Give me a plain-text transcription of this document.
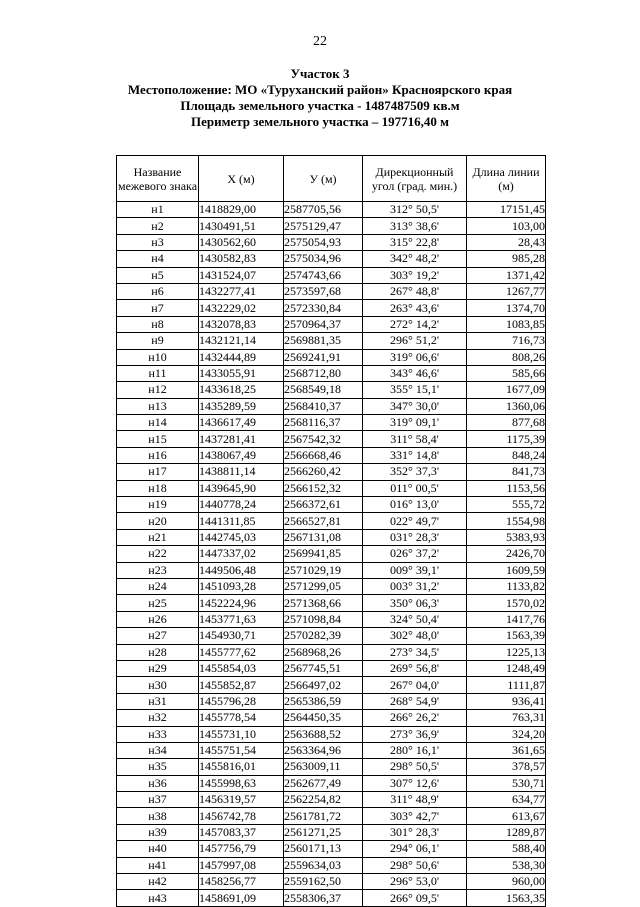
22
Участок 3
Местоположение: МО «Туруханский район» Красноярского края
Площадь земельного участка - 1487487509 кв.м
Периметр земельного участка – 197716,40 м
Название межевого знака	X (м)	У (м)	Дирекционный угол (град. мин.)	Длина линии (м)
н1	1418829,00	2587705,56	312° 50,5'	17151,45
н2	1430491,51	2575129,47	313° 38,6'	103,00
н3	1430562,60	2575054,93	315° 22,8'	28,43
н4	1430582,83	2575034,96	342° 48,2'	985,28
н5	1431524,07	2574743,66	303° 19,2'	1371,42
н6	1432277,41	2573597,68	267° 48,8'	1267,77
н7	1432229,02	2572330,84	263° 43,6'	1374,70
н8	1432078,83	2570964,37	272° 14,2'	1083,85
н9	1432121,14	2569881,35	296° 51,2'	716,73
н10	1432444,89	2569241,91	319° 06,6'	808,26
н11	1433055,91	2568712,80	343° 46,6'	585,66
н12	1433618,25	2568549,18	355° 15,1'	1677,09
н13	1435289,59	2568410,37	347° 30,0'	1360,06
н14	1436617,49	2568116,37	319° 09,1'	877,68
н15	1437281,41	2567542,32	311° 58,4'	1175,39
н16	1438067,49	2566668,46	331° 14,8'	848,24
н17	1438811,14	2566260,42	352° 37,3'	841,73
н18	1439645,90	2566152,32	011° 00,5'	1153,56
н19	1440778,24	2566372,61	016° 13,0'	555,72
н20	1441311,85	2566527,81	022° 49,7'	1554,98
н21	1442745,03	2567131,08	031° 28,3'	5383,93
н22	1447337,02	2569941,85	026° 37,2'	2426,70
н23	1449506,48	2571029,19	009° 39,1'	1609,59
н24	1451093,28	2571299,05	003° 31,2'	1133,82
н25	1452224,96	2571368,66	350° 06,3'	1570,02
н26	1453771,63	2571098,84	324° 50,4'	1417,76
н27	1454930,71	2570282,39	302° 48,0'	1563,39
н28	1455777,62	2568968,26	273° 34,5'	1225,13
н29	1455854,03	2567745,51	269° 56,8'	1248,49
н30	1455852,87	2566497,02	267° 04,0'	1111,87
н31	1455796,28	2565386,59	268° 54,9'	936,41
н32	1455778,54	2564450,35	266° 26,2'	763,31
н33	1455731,10	2563688,52	273° 36,9'	324,20
н34	1455751,54	2563364,96	280° 16,1'	361,65
н35	1455816,01	2563009,11	298° 50,5'	378,57
н36	1455998,63	2562677,49	307° 12,6'	530,71
н37	1456319,57	2562254,82	311° 48,9'	634,77
н38	1456742,78	2561781,72	303° 42,7'	613,67
н39	1457083,37	2561271,25	301° 28,3'	1289,87
н40	1457756,79	2560171,13	294° 06,1'	588,40
н41	1457997,08	2559634,03	298° 50,6'	538,30
н42	1458256,77	2559162,50	296° 53,0'	960,00
н43	1458691,09	2558306,37	266° 09,5'	1563,35
